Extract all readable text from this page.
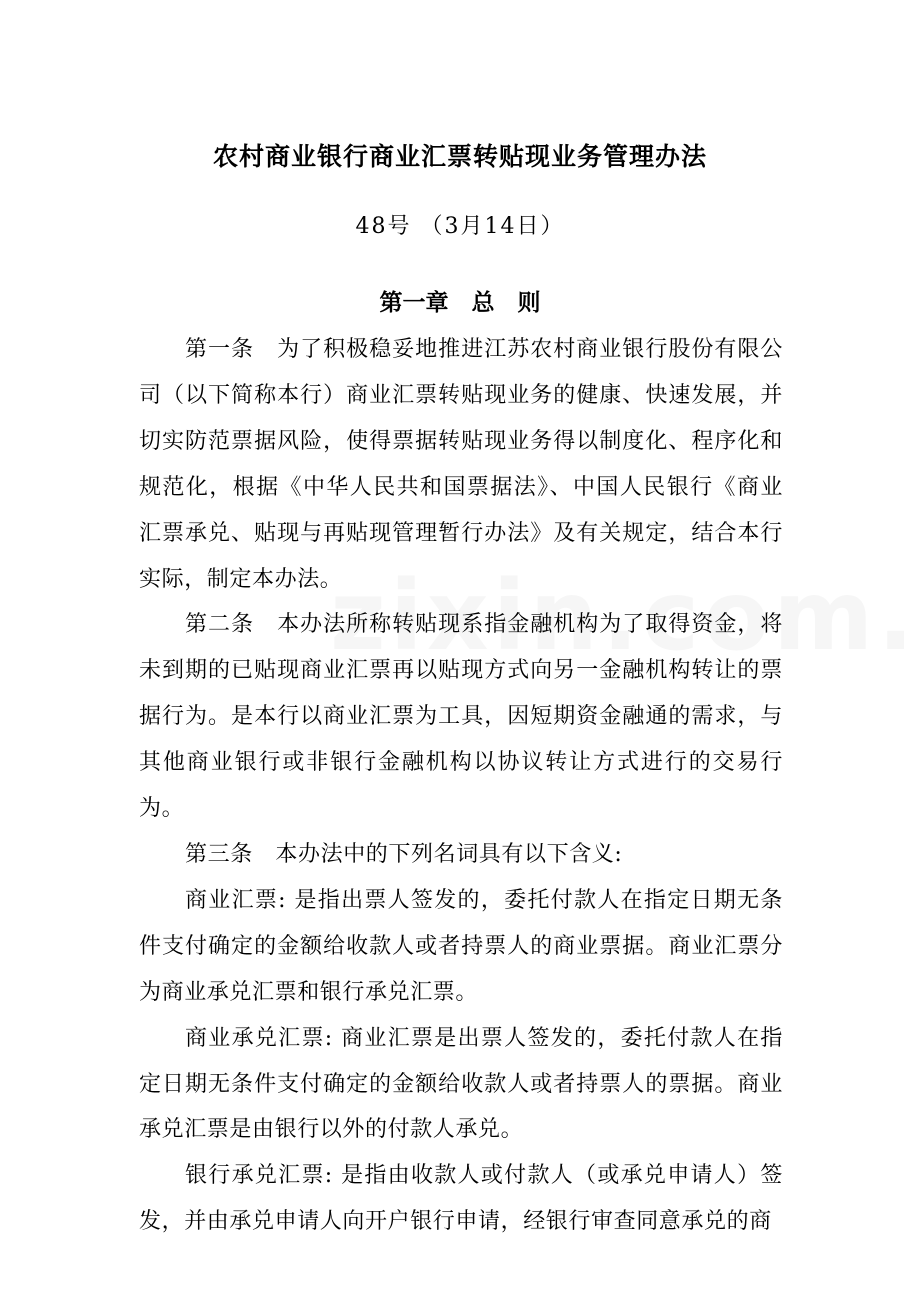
农村商业银行商业汇票转贴现业务管理办法

48号 （3月14日）

第一章　 总　则

第一条　为了积极稳妥地推进江苏农村商业银行股份有限公司（以下简称本行）商业汇票转贴现业务的健康、快速发展，并切实防范票据风险，使得票据转贴现业务得以制度化、程序化和规范化，根据《中华人民共和国票据法》、中国人民银行《商业汇票承兑、贴现与再贴现管理暂行办法》及有关规定，结合本行实际，制定本办法。

第二条　本办法所称转贴现系指金融机构为了取得资金，将未到期的已贴现商业汇票再以贴现方式向另一金融机构转让的票据行为。是本行以商业汇票为工具，因短期资金融通的需求，与其他商业银行或非银行金融机构以协议转让方式进行的交易行为。

第三条　本办法中的下列名词具有以下含义:

商业汇票: 是指出票人签发的，委托付款人在指定日期无条件支付确定的金额给收款人或者持票人的商业票据。商业汇票分为商业承兑汇票和银行承兑汇票。

商业承兑汇票: 商业汇票是出票人签发的，委托付款人在指定日期无条件支付确定的金额给收款人或者持票人的票据。商业承兑汇票是由银行以外的付款人承兑。

银行承兑汇票: 是指由收款人或付款人（或承兑申请人）签发，并由承兑申请人向开户银行申请，经银行审查同意承兑的商
